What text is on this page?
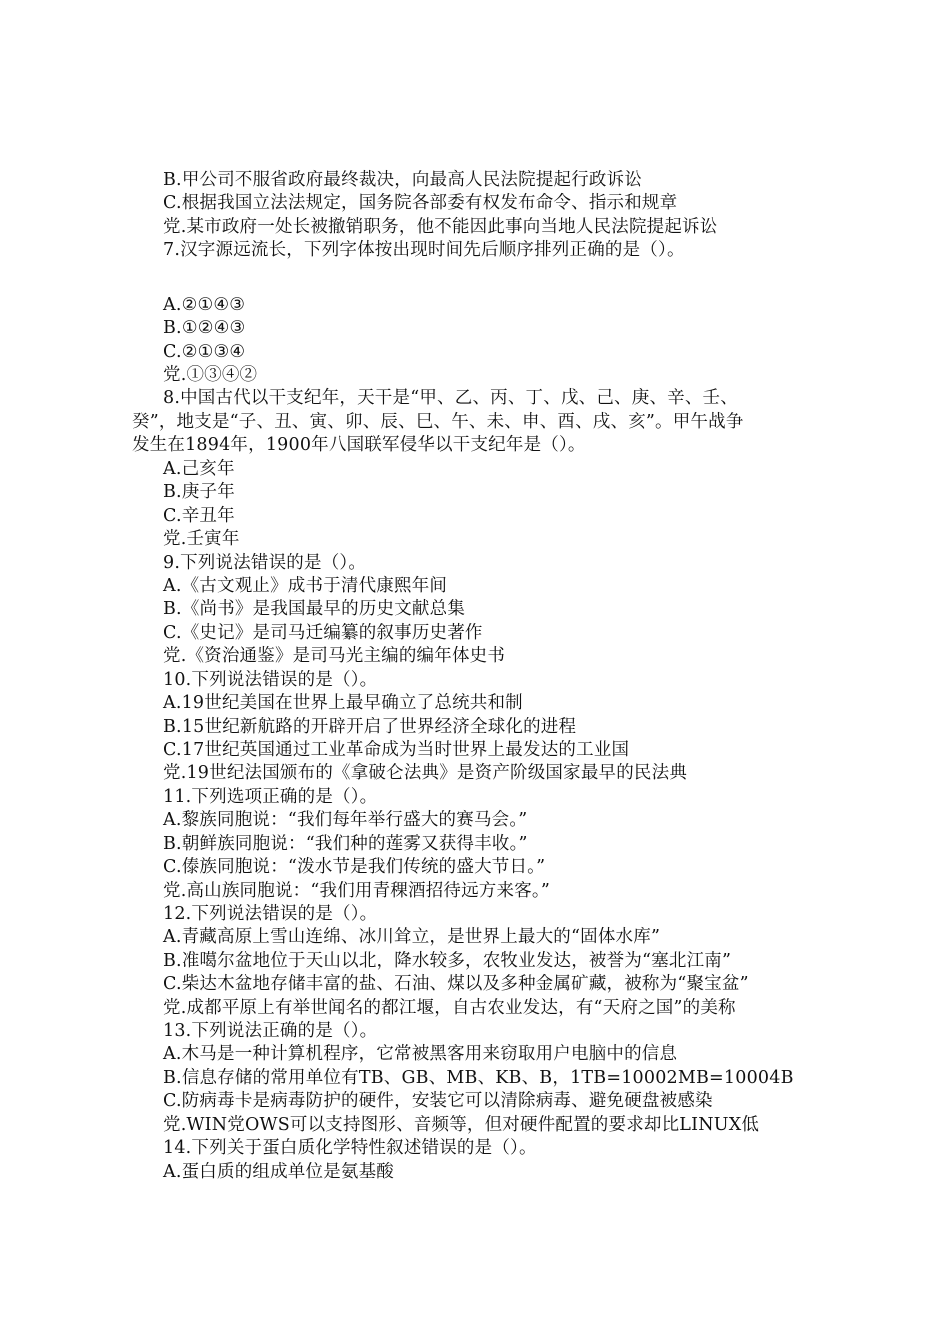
B.甲公司不服省政府最终裁决，向最高人民法院提起行政诉讼
C.根据我国立法法规定，国务院各部委有权发布命令、指示和规章
党.某市政府一处长被撤销职务，他不能因此事向当地人民法院提起诉讼
7.汉字源远流长，下列字体按出现时间先后顺序排列正确的是（）。
A.②①④③
B.①②④③
C.②①③④
党.①③④②
8.中国古代以干支纪年，天干是“甲、乙、丙、丁、戊、己、庚、辛、壬、
癸”，地支是“子、丑、寅、卯、辰、巳、午、未、申、酉、戌、亥”。甲午战争
发生在1894年，1900年八国联军侵华以干支纪年是（）。
A.己亥年
B.庚子年
C.辛丑年
党.壬寅年
9.下列说法错误的是（）。
A.《古文观止》成书于清代康熙年间
B.《尚书》是我国最早的历史文献总集
C.《史记》是司马迁编纂的叙事历史著作
党.《资治通鉴》是司马光主编的编年体史书
10.下列说法错误的是（）。
A.19世纪美国在世界上最早确立了总统共和制
B.15世纪新航路的开辟开启了世界经济全球化的进程
C.17世纪英国通过工业革命成为当时世界上最发达的工业国
党.19世纪法国颁布的《拿破仑法典》是资产阶级国家最早的民法典
11.下列选项正确的是（）。
A.黎族同胞说：“我们每年举行盛大的赛马会。”
B.朝鲜族同胞说：“我们种的莲雾又获得丰收。”
C.傣族同胞说：“泼水节是我们传统的盛大节日。”
党.高山族同胞说：“我们用青稞酒招待远方来客。”
12.下列说法错误的是（）。
A.青藏高原上雪山连绵、冰川耸立，是世界上最大的“固体水库”
B.准噶尔盆地位于天山以北，降水较多，农牧业发达，被誉为“塞北江南”
C.柴达木盆地存储丰富的盐、石油、煤以及多种金属矿藏，被称为“聚宝盆”
党.成都平原上有举世闻名的都江堰，自古农业发达，有“天府之国”的美称
13.下列说法正确的是（）。
A.木马是一种计算机程序，它常被黑客用来窃取用户电脑中的信息
B.信息存储的常用单位有TB、GB、MB、KB、B，1TB=10002MB=10004B
C.防病毒卡是病毒防护的硬件，安装它可以清除病毒、避免硬盘被感染
党.WIN党OWS可以支持图形、音频等，但对硬件配置的要求却比LINUX低
14.下列关于蛋白质化学特性叙述错误的是（）。
A.蛋白质的组成单位是氨基酸
